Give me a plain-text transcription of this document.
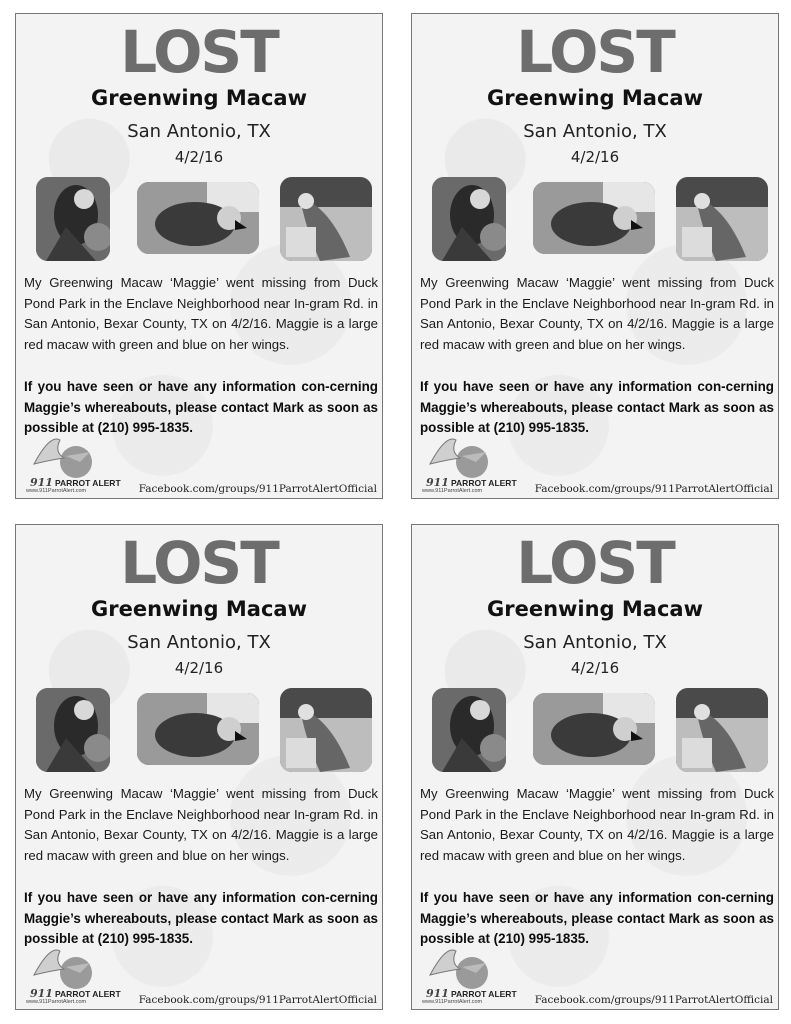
LOST
Greenwing Macaw
San Antonio, TX
4/2/16
My Greenwing Macaw ‘Maggie’ went missing from Duck Pond Park in the Enclave Neighborhood near In-gram Rd. in San Antonio, Bexar County, TX on 4/2/16. Maggie is a large red macaw with green and blue on her wings.
If you have seen or have any information con-cerning Maggie’s whereabouts, please contact Mark as soon as possible at (210) 995-1835.
911 PARROT ALERT
www.911ParrotAlert.com	Facebook.com/groups/911ParrotAlertOfficial
LOST
Greenwing Macaw
San Antonio, TX
4/2/16
My Greenwing Macaw ‘Maggie’ went missing from Duck Pond Park in the Enclave Neighborhood near In-gram Rd. in San Antonio, Bexar County, TX on 4/2/16. Maggie is a large red macaw with green and blue on her wings.
If you have seen or have any information con-cerning Maggie’s whereabouts, please contact Mark as soon as possible at (210) 995-1835.
911 PARROT ALERT
www.911ParrotAlert.com	Facebook.com/groups/911ParrotAlertOfficial
LOST
Greenwing Macaw
San Antonio, TX
4/2/16
My Greenwing Macaw ‘Maggie’ went missing from Duck Pond Park in the Enclave Neighborhood near In-gram Rd. in San Antonio, Bexar County, TX on 4/2/16. Maggie is a large red macaw with green and blue on her wings.
If you have seen or have any information con-cerning Maggie’s whereabouts, please contact Mark as soon as possible at (210) 995-1835.
911 PARROT ALERT
www.911ParrotAlert.com	Facebook.com/groups/911ParrotAlertOfficial
LOST
Greenwing Macaw
San Antonio, TX
4/2/16
My Greenwing Macaw ‘Maggie’ went missing from Duck Pond Park in the Enclave Neighborhood near In-gram Rd. in San Antonio, Bexar County, TX on 4/2/16. Maggie is a large red macaw with green and blue on her wings.
If you have seen or have any information con-cerning Maggie’s whereabouts, please contact Mark as soon as possible at (210) 995-1835.
911 PARROT ALERT
www.911ParrotAlert.com	Facebook.com/groups/911ParrotAlertOfficial
